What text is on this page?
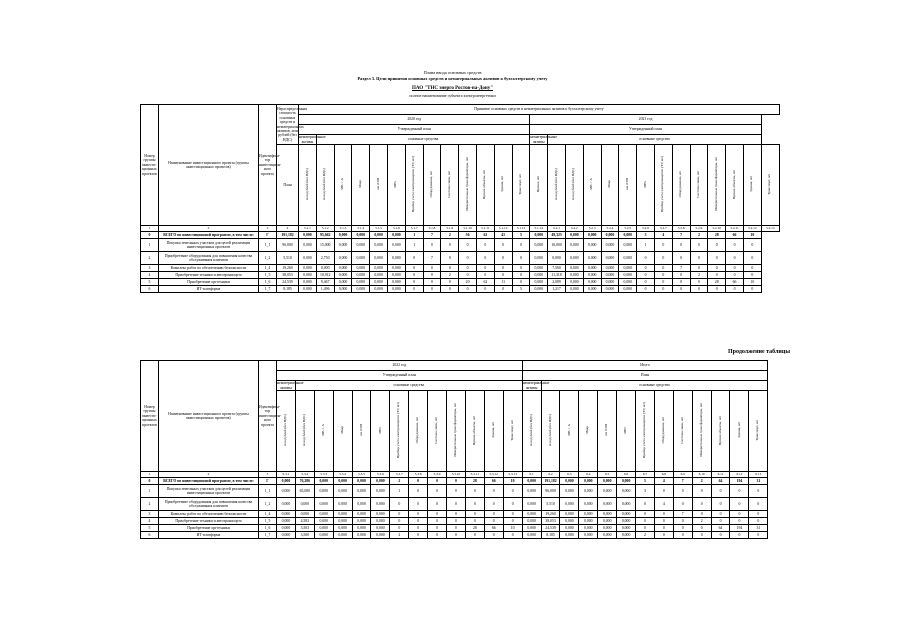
Плана ввода основных средств
Раздел 3. Цели принятия основных средств и нематериальных активов к бухгалтерскому учету
ПАО "ТНС энерго Ростов-на-Дону"
полное наименование субъекта электроэнергетики
Продолжение таблицы
Номер группы инвести-ционных проектов	Наименование инвестиционного проекта (группы инвестиционных проектов)	Идентифика-тор инвестицион-ного проекта	Нераспределенная стоимость основных средств и нематериальных активов, млн рублей (без НДС)	Принятие основных средств и нематериальных активов к бухгалтерскому учету																										
				2020 год													2021 год													
				Утвержденный план													Утвержденный план													
				нематериальные активы	основные средства												нематериальные активы	основные средства												
			План	млн рублей (без НДС)	млн рублей (без НДС)	МВ×А	Мвар	км ЛЭП	МВт	Прибор учета электроэнергии (ТУ, шт)	Оборудование, шт	Система связи, шт	Измерительные трансформаторы, шт	Прочие объекты, шт	Здания, шт	Транспорт, шт	Прочее, шт	млн рублей (без НДС)	млн рублей (без НДС)	МВ×А	Мвар	км ЛЭП	МВт	Прибор учета электроэнергии (ТУ, шт)	Оборудование, шт	Система связи, шт	Измерительные трансформаторы, шт	Прочие объекты, шт	Здания, шт	Транспорт, шт
1	2	3	4	5.1.1	5.1.2	5.1.3	5.1.4	5.1.5	5.1.6	5.1.7	5.1.8	5.1.9	5.1.10	5.1.11	5.1.12	5.1.13	5.1.14	5.2.1	5.2.2	5.2.3	5.2.4	5.2.5	5.2.6	5.2.7	5.2.8	5.2.9	5.2.10	5.2.11	5.2.12	5.2.13
0	ВСЕГО по инвестиционной программе, в том числе:	Г	191,182	0,000	95,662	0,000	0,000	0,000	0,000	1	7	2	56	62	41	5	0,000	49,325	0,000	0,000	0,000	0,000	5	4	7	2	28	66	10	
1	Покупка земельных участков для целей реализации инвестиционных проектов	1_1	96,000	0,000	15,000	0,000	0,000	0,000	0,000	1	0	0	0	0	0	0	0,000	16,000	0,000	0,000	0,000	0,000	1	0	0	0	0	0	0	
2	Приобретение оборудования для повышения качества обслуживания клиентов	1_2	5,510	0,000	2,750	0,000	0,000	0,000	0,000	0	7	0	0	0	0	0	0,000	0,000	0,000	0,000	0,000	0,000	0	0	0	0	0	0	0	
3	Комплекс работ по обеспечению безопасности	1_4	19,260	0,000	0,000	0,000	0,000	0,000	0,000	0	0	0	0	0	0	0	0,000	7,560	0,000	0,000	0,000	0,000	0	0	7	0	0	0	0	
4	Приобретение техники и автотранспорта	1_5	38,053	0,000	10,912	0,000	0,000	0,000	0,000	0	0	2	0	0	0	0	0,000	11,318	0,000	0,000	0,000	0,000	0	0	0	2	0	0	0	
5	Приобретение оргтехники	1_6	24,539	0,000	9,467	0,000	0,000	0,000	0,000	0	0	0	20	62	11	0	0,000	2,089	0,000	0,000	0,000	0,000	0	0	0	0	28	66	10	
6	ИТ-платформа	1_7	8,185	0,000	1,496	0,000	0,000	0,000	0,000	0	0	0	0	0	0	5	0,000	1,217	0,000	0,000	0,000	0,000	0	0	0	0	0	0	0	
Номер группы инвести-ционных проектов	Наименование инвестиционного проекта (группы инвестиционных проектов)	Идентифика-тор инвестицион-ного проекта	2022 год													Итого												
			Утвержденный план													План												
			нематериальные активы	основные средства												нематериальные активы	основные средства											
			млн рублей (без НДС)	млн рублей (без НДС)	МВ×А	Мвар	км ЛЭП	МВт	Прибор учета электроэнергии (ТУ, шт)	Оборудование, шт	Система связи, шт	Измерительные трансформаторы, шт	Прочие объекты, шт	Здания, шт	Транспорт, шт	млн рублей (без НДС)	млн рублей (без НДС)	МВ×А	Мвар	км ЛЭП	МВт	Прибор учета электроэнергии (ТУ, шт)	Оборудование, шт	Система связи, шт	Измерительные трансформаторы, шт	Прочие объекты, шт	Здания, шт	Транспорт, шт
1	2	3	5.3.1	5.3.2	5.3.3	5.3.4	5.3.5	5.3.6	5.3.7	5.3.8	5.3.9	5.3.10	5.3.11	5.3.12	5.3.13	6.1	6.2	6.3	6.4	6.5	6.6	6.7	6.8	6.9	6.10	6.11	6.12	6.13
0	ВСЕГО по инвестиционной программе, в том числе:	Г	0,000	76,286	0,000	0,000	0,000	0,000	2	0	0	0	28	66	10	0,000	191,182	0,000	0,000	0,000	0,000	5	4	7	2	64	194	31
1	Покупка земельных участков для целей реализации инвестиционных проектов	1_1	0,000	65,000	0,000	0,000	0,000	0,000	1	0	0	0	0	0	0	0,000	96,000	0,000	0,000	0,000	0,000	3	0	0	0	0	0	0
2	Приобретение оборудования для повышения качества обслуживания клиентов	1_2	0,000	0,000	0,000	0,000	0,000	0,000	0	0	0	0	0	0	0	0,000	5,510	0,000	0,000	0,000	0,000	0	4	0	0	0	0	0
3	Комплекс работ по обеспечению безопасности	1_4	0,000	0,000	0,000	0,000	0,000	0,000	0	0	0	0	0	0	0	0,000	19,260	0,000	0,000	0,000	0,000	0	0	7	0	0	0	0
4	Приобретение техники и автотранспорта	1_5	0,000	4,583	0,000	0,000	0,000	0,000	0	0	0	0	0	0	0	0,000	38,053	0,000	0,000	0,000	0,000	0	0	0	2	0	0	0
5	Приобретение оргтехники	1_6	0,000	5,503	0,000	0,000	0,000	0,000	0	0	0	0	28	66	10	0,000	24,539	0,000	0,000	0,000	0,000	0	0	0	0	64	194	31
6	ИТ-платформа	1_7	0,000	3,500	0,000	0,000	0,000	0,000	2	0	0	0	0	0	0	0,000	8,185	0,000	0,000	0,000	0,000	2	0	0	0	0	0	0
